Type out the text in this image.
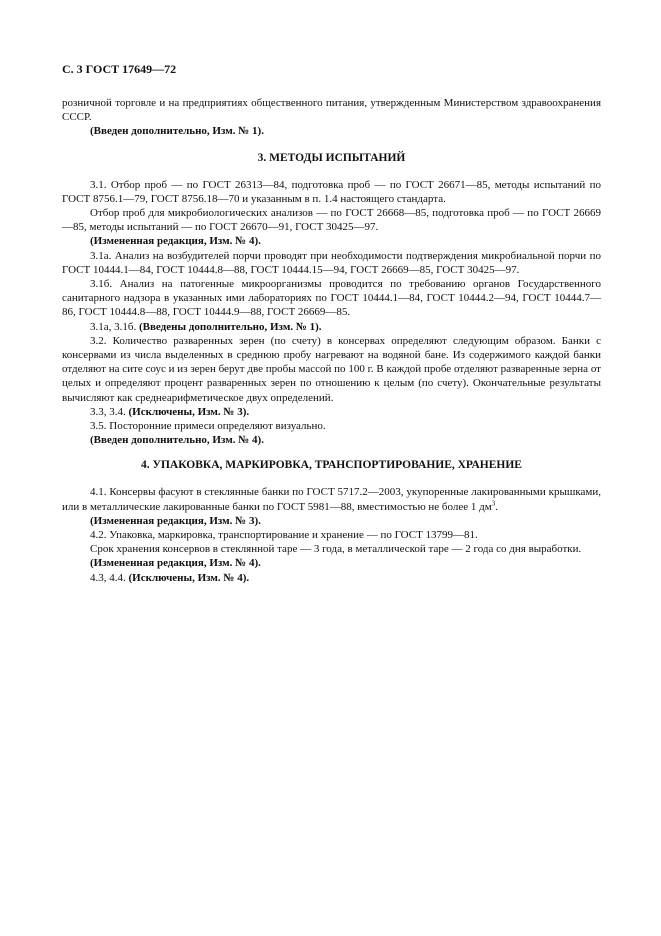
С. 3 ГОСТ 17649—72

розничной торговле и на предприятиях общественного питания, утвержденным Министерством здравоохранения СССР.

(Введен дополнительно, Изм. № 1).

3. МЕТОДЫ ИСПЫТАНИЙ

3.1. Отбор проб — по ГОСТ 26313—84, подготовка проб — по ГОСТ 26671—85, методы испытаний по ГОСТ 8756.1—79, ГОСТ 8756.18—70 и указанным в п. 1.4 настоящего стандарта.

Отбор проб для микробиологических анализов — по ГОСТ 26668—85, подготовка проб — по ГОСТ 26669—85, методы испытаний — по ГОСТ 26670—91, ГОСТ 30425—97.

(Измененная редакция, Изм. № 4).

3.1а. Анализ на возбудителей порчи проводят при необходимости подтверждения микробиальной порчи по ГОСТ 10444.1—84, ГОСТ 10444.8—88, ГОСТ 10444.15—94, ГОСТ 26669—85, ГОСТ 30425—97.

3.1б. Анализ на патогенные микроорганизмы проводится по требованию органов Государственного санитарного надзора в указанных ими лабораториях по ГОСТ 10444.1—84, ГОСТ 10444.2—94, ГОСТ 10444.7—86, ГОСТ 10444.8—88, ГОСТ 10444.9—88, ГОСТ 26669—85.

3.1а, 3.1б. (Введены дополнительно, Изм. № 1).

3.2. Количество разваренных зерен (по счету) в консервах определяют следующим образом. Банки с консервами из числа выделенных в среднюю пробу нагревают на водяной бане. Из содержимого каждой банки отделяют на сите соус и из зерен берут две пробы массой по 100 г. В каждой пробе отделяют разваренные зерна от целых и определяют процент разваренных зерен по отношению к целым (по счету). Окончательные результаты вычисляют как среднеарифметическое двух определений.

3.3, 3.4. (Исключены, Изм. № 3).

3.5. Посторонние примеси определяют визуально.

(Введен дополнительно, Изм. № 4).

4. УПАКОВКА, МАРКИРОВКА, ТРАНСПОРТИРОВАНИЕ, ХРАНЕНИЕ

4.1. Консервы фасуют в стеклянные банки по ГОСТ 5717.2—2003, укупоренные лакированными крышками, или в металлические лакированные банки по ГОСТ 5981—88, вместимостью не более 1 $дм^3$.

(Измененная редакция, Изм. № 3).

4.2. Упаковка, маркировка, транспортирование и хранение — по ГОСТ 13799—81.

Срок хранения консервов в стеклянной таре — 3 года, в металлической таре — 2 года со дня выработки.

(Измененная редакция, Изм. № 4).

4.3, 4.4. (Исключены, Изм. № 4).
